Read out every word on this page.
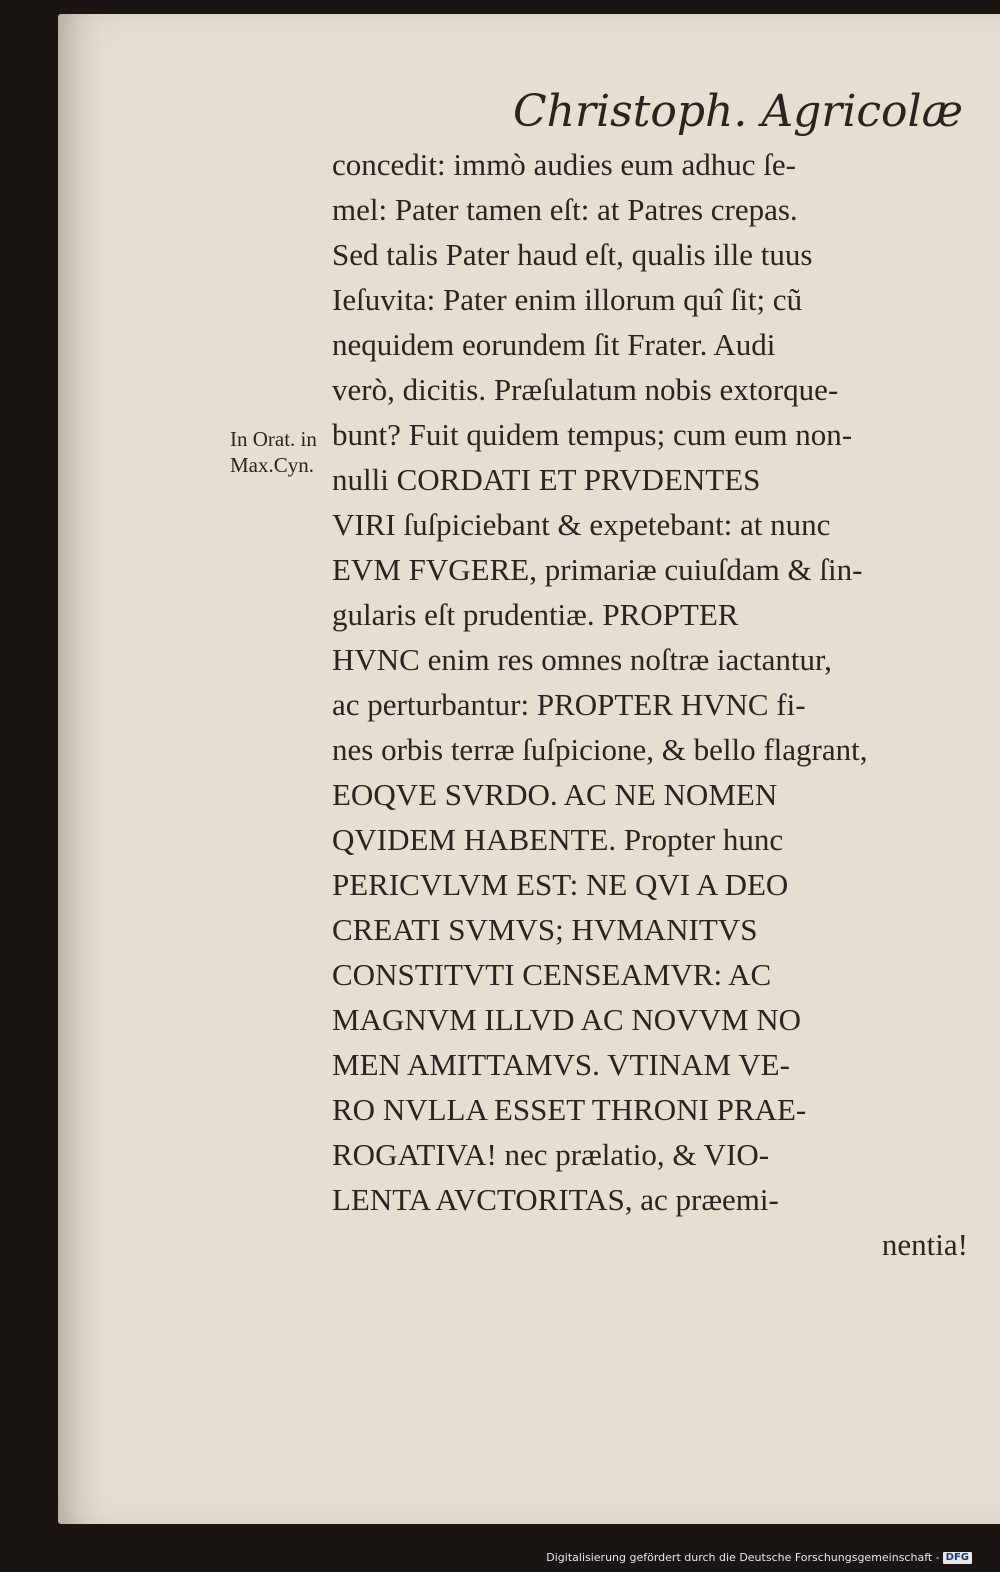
Christoph. Agricolæ
In Orat. in
Max.Cyn.
concedit: immò audies eum adhuc ſe-
mel: Pater tamen eſt: at Patres crepas.
Sed talis Pater haud eſt, qualis ille tuus
Ieſuvita: Pater enim illorum quî ſit; cũ
nequidem eorundem ſit Frater. Audi
verò, dicitis. Præſulatum nobis extorque-
bunt? Fuit quidem tempus; cum eum non-
nulli CORDATI ET PRVDENTES
VIRI ſuſpiciebant & expetebant: at nunc
EVM FVGERE, primariæ cuiuſdam & ſin-
gularis eſt prudentiæ. PROPTER
HVNC enim res omnes noſtræ iactantur,
ac perturbantur: PROPTER HVNC fi-
nes orbis terræ ſuſpicione, & bello flagrant,
EOQVE SVRDO. AC NE NOMEN
QVIDEM HABENTE. Propter hunc
PERICVLVM EST: NE QVI A DEO
CREATI SVMVS; HVMANITVS
CONSTITVTI CENSEAMVR: AC
MAGNVM ILLVD AC NOVVM NO
MEN AMITTAMVS. VTINAM VE-
RO NVLLA ESSET THRONI PRAE-
ROGATIVA! nec prælatio, & VIO-
LENTA AVCTORITAS, ac præemi-
nentia!
Digitalisierung gefördert durch die Deutsche Forschungsgemeinschaft - DFG
